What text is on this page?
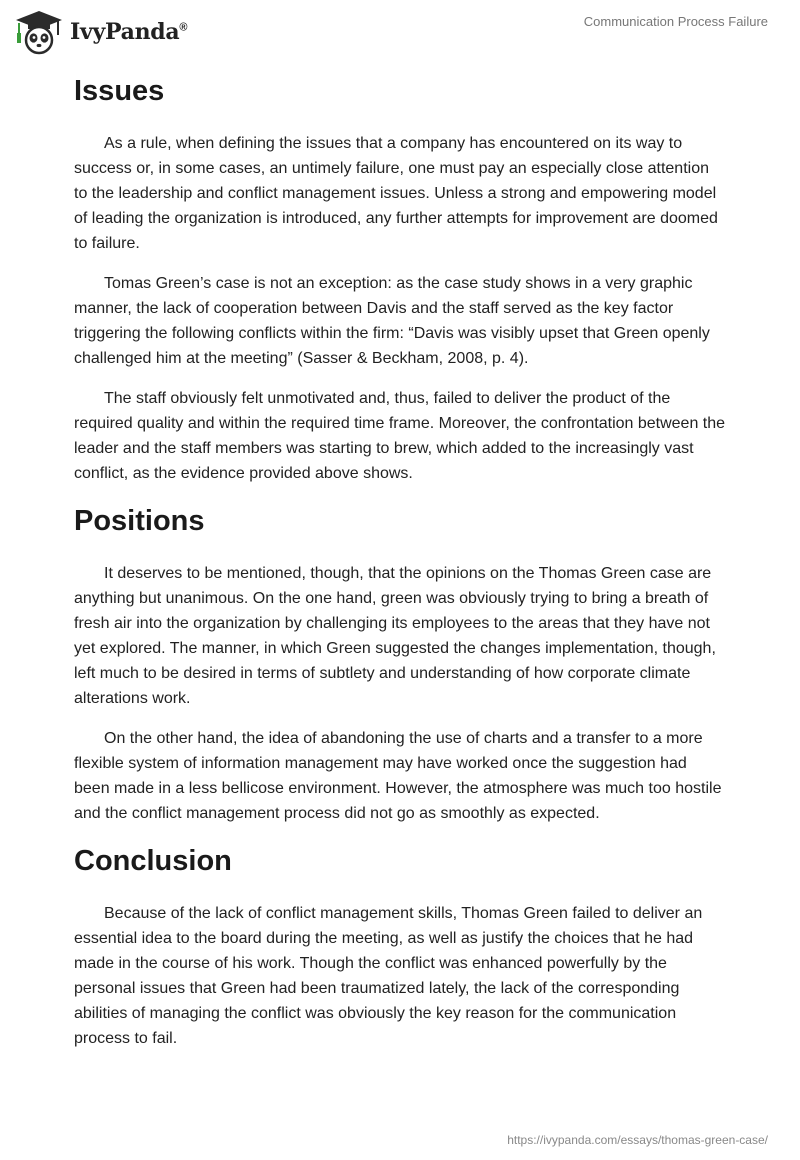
IvyPanda®	Communication Process Failure
Issues

As a rule, when defining the issues that a company has encountered on its way to success or, in some cases, an untimely failure, one must pay an especially close attention to the leadership and conflict management issues. Unless a strong and empowering model of leading the organization is introduced, any further attempts for improvement are doomed to failure.

Tomas Green’s case is not an exception: as the case study shows in a very graphic manner, the lack of cooperation between Davis and the staff served as the key factor triggering the following conflicts within the firm: “Davis was visibly upset that Green openly challenged him at the meeting” (Sasser & Beckham, 2008, p. 4).

The staff obviously felt unmotivated and, thus, failed to deliver the product of the required quality and within the required time frame. Moreover, the confrontation between the leader and the staff members was starting to brew, which added to the increasingly vast conflict, as the evidence provided above shows.

Positions

It deserves to be mentioned, though, that the opinions on the Thomas Green case are anything but unanimous. On the one hand, green was obviously trying to bring a breath of fresh air into the organization by challenging its employees to the areas that they have not yet explored. The manner, in which Green suggested the changes implementation, though, left much to be desired in terms of subtlety and understanding of how corporate climate alterations work.

On the other hand, the idea of abandoning the use of charts and a transfer to a more flexible system of information management may have worked once the suggestion had been made in a less bellicose environment. However, the atmosphere was much too hostile and the conflict management process did not go as smoothly as expected.

Conclusion

Because of the lack of conflict management skills, Thomas Green failed to deliver an essential idea to the board during the meeting, as well as justify the choices that he had made in the course of his work. Though the conflict was enhanced powerfully by the personal issues that Green had been traumatized lately, the lack of the corresponding abilities of managing the conflict was obviously the key reason for the communication process to fail.

https://ivypanda.com/essays/thomas-green-case/
